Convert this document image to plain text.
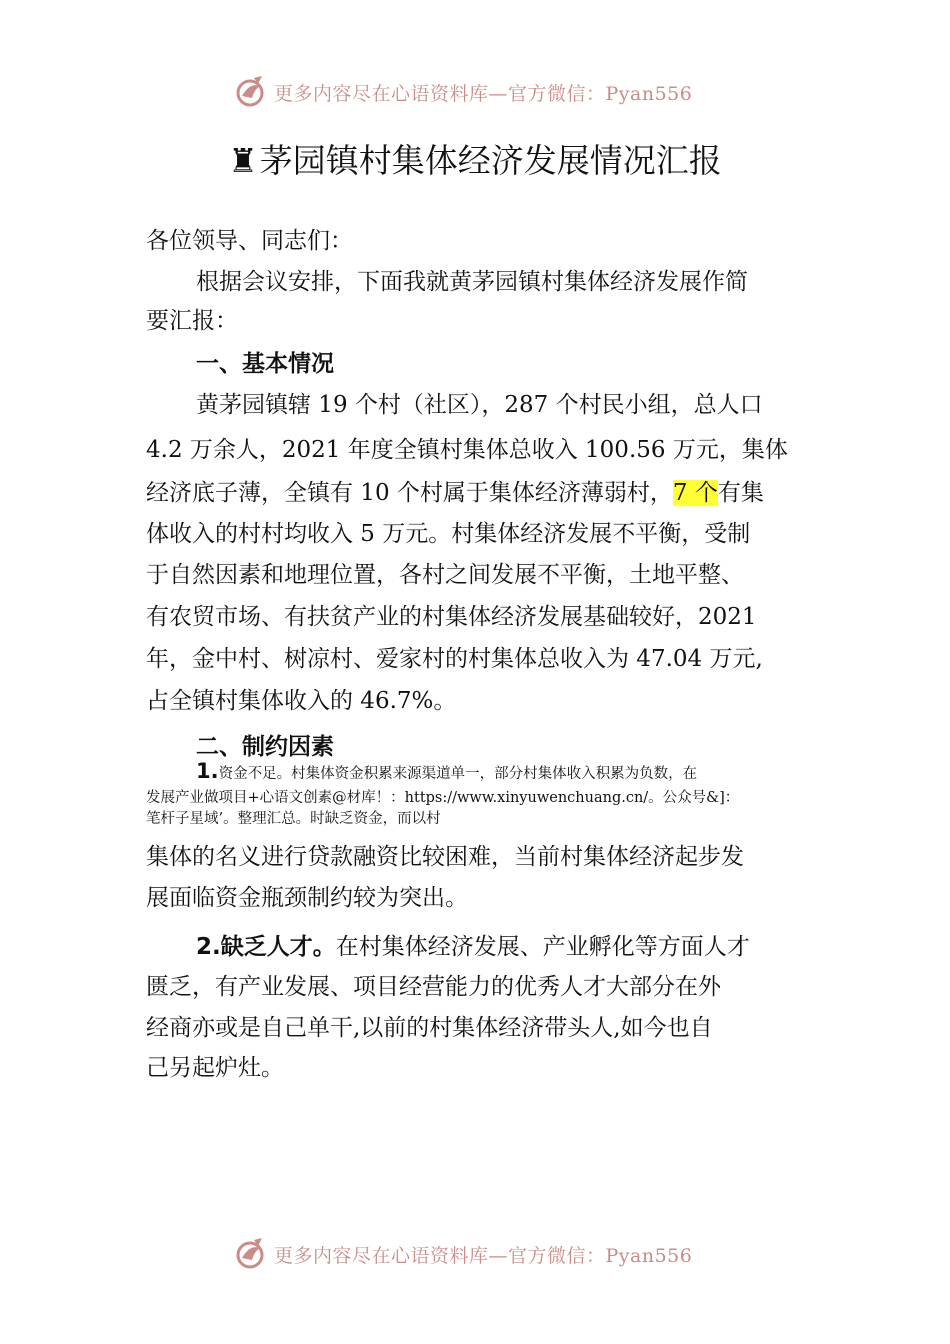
更多内容尽在心语资料库—官方微信：Pyan556
♜茅园镇村集体经济发展情况汇报
各位领导、同志们：
根据会议安排，下面我就黄茅园镇村集体经济发展作简
要汇报：
一、基本情况
黄茅园镇辖 19 个村（社区），287 个村民小组，总人口
4.2 万余人，2021 年度全镇村集体总收入 100.56 万元，集体
经济底子薄，全镇有 10 个村属于集体经济薄弱村，7 个有集
体收入的村村均收入 5 万元。村集体经济发展不平衡，受制
于自然因素和地理位置，各村之间发展不平衡，土地平整、
有农贸市场、有扶贫产业的村集体经济发展基础较好，2021
年，金中村、树凉村、爱家村的村集体总收入为 47.04 万元,
占全镇村集体收入的 46.7%。
二、制约因素
1.资金不足。村集体资金积累来源渠道单一，部分村集体收入积累为负数，在
发展产业做项目+心语文创素@材库！：https://www.xinyuwenchuang.cn/。公众号&]：
笔杆子星域’。整理汇总。时缺乏资金，而以村
集体的名义进行贷款融资比较困难，当前村集体经济起步发
展面临资金瓶颈制约较为突出。
2.缺乏人才。在村集体经济发展、产业孵化等方面人才
匮乏，有产业发展、项目经营能力的优秀人才大部分在外
经商亦或是自己单干,以前的村集体经济带头人,如今也自
己另起炉灶。
更多内容尽在心语资料库—官方微信：Pyan556
